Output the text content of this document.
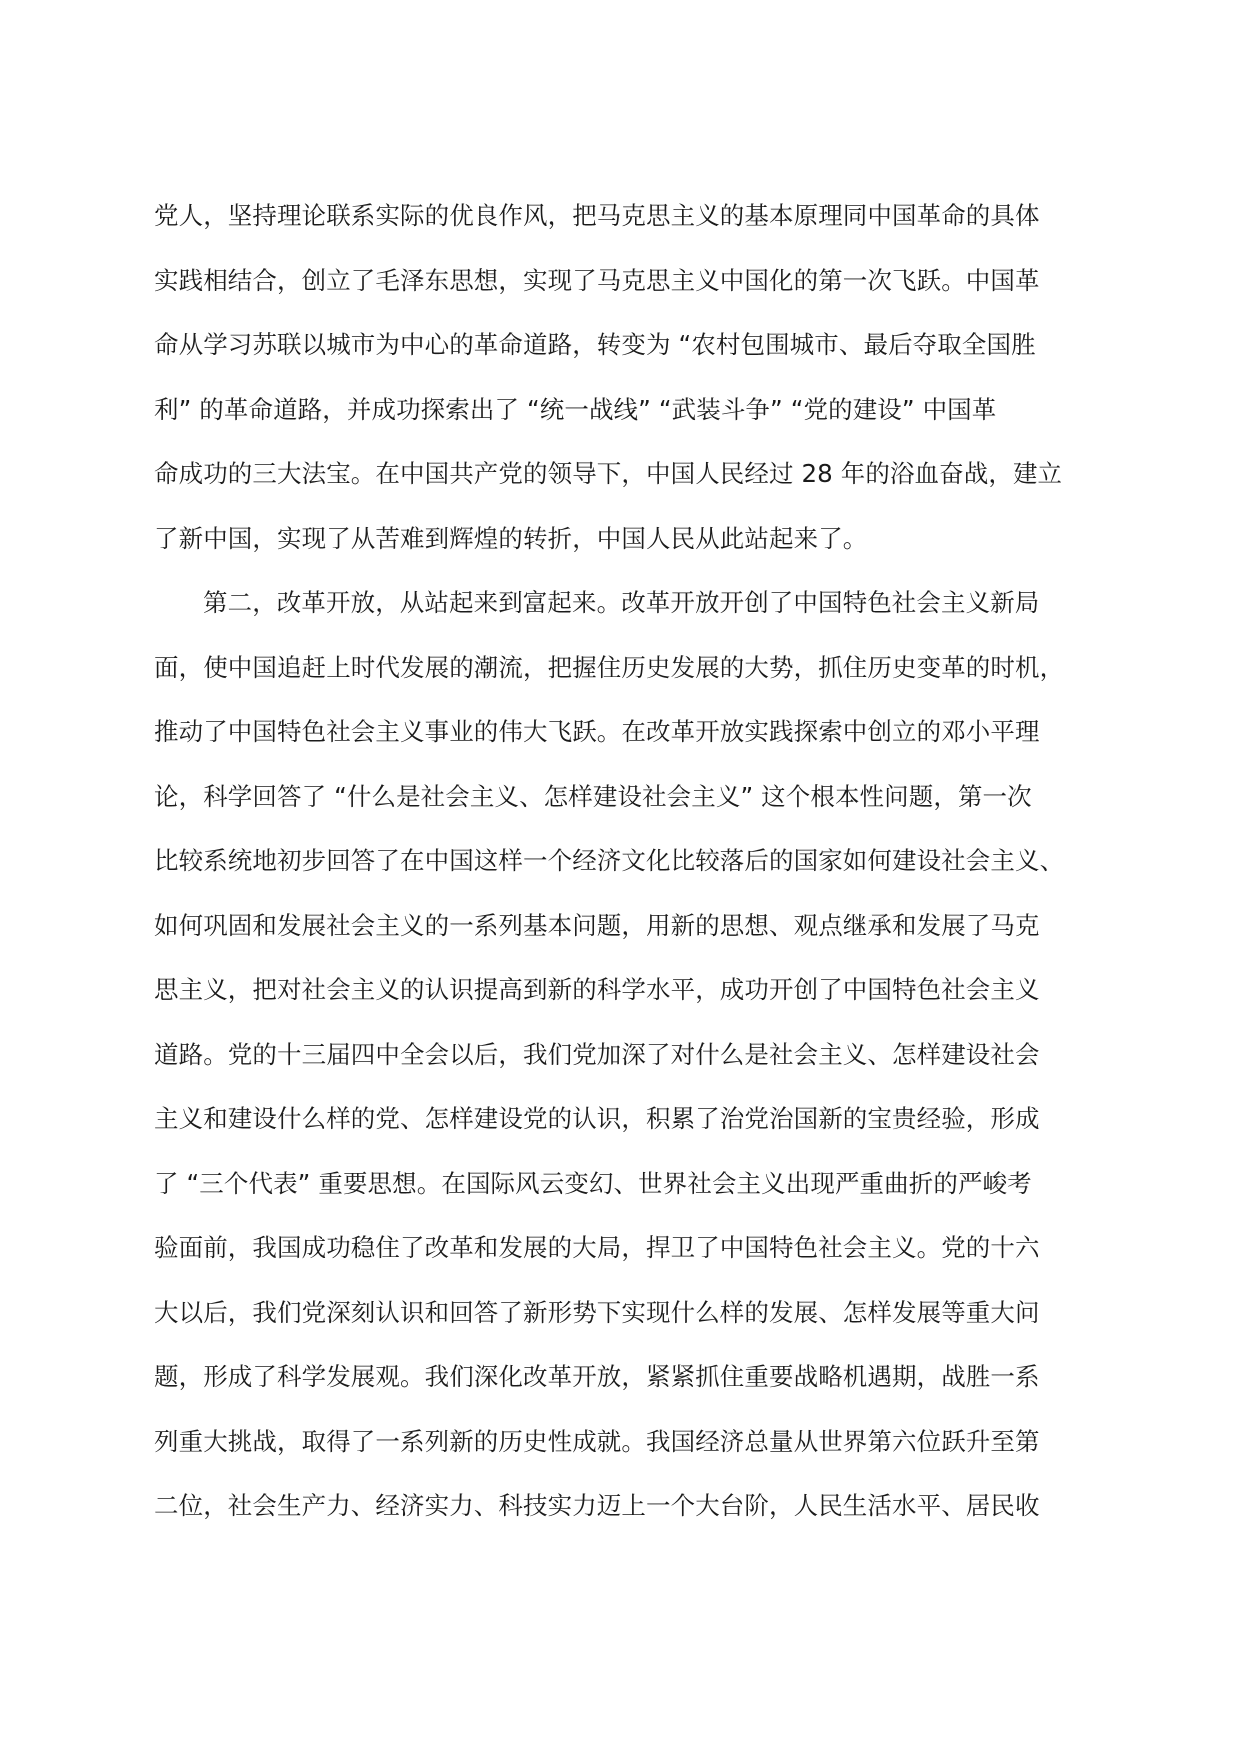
党人，坚持理论联系实际的优良作风，把马克思主义的基本原理同中国革命的具体
实践相结合，创立了毛泽东思想，实现了马克思主义中国化的第一次飞跃。中国革
命从学习苏联以城市为中心的革命道路，转变为 “农村包围城市、最后夺取全国胜
利” 的革命道路，并成功探索出了 “统一战线” “武装斗争” “党的建设” 中国革
命成功的三大法宝。在中国共产党的领导下，中国人民经过 28 年的浴血奋战，建立
了新中国，实现了从苦难到辉煌的转折，中国人民从此站起来了。
第二，改革开放，从站起来到富起来。改革开放开创了中国特色社会主义新局
面，使中国追赶上时代发展的潮流，把握住历史发展的大势，抓住历史变革的时机，
推动了中国特色社会主义事业的伟大飞跃。在改革开放实践探索中创立的邓小平理
论，科学回答了 “什么是社会主义、怎样建设社会主义” 这个根本性问题，第一次
比较系统地初步回答了在中国这样一个经济文化比较落后的国家如何建设社会主义、
如何巩固和发展社会主义的一系列基本问题，用新的思想、观点继承和发展了马克
思主义，把对社会主义的认识提高到新的科学水平，成功开创了中国特色社会主义
道路。党的十三届四中全会以后，我们党加深了对什么是社会主义、怎样建设社会
主义和建设什么样的党、怎样建设党的认识，积累了治党治国新的宝贵经验，形成
了 “三个代表” 重要思想。在国际风云变幻、世界社会主义出现严重曲折的严峻考
验面前，我国成功稳住了改革和发展的大局，捍卫了中国特色社会主义。党的十六
大以后，我们党深刻认识和回答了新形势下实现什么样的发展、怎样发展等重大问
题，形成了科学发展观。我们深化改革开放，紧紧抓住重要战略机遇期，战胜一系
列重大挑战，取得了一系列新的历史性成就。我国经济总量从世界第六位跃升至第
二位，社会生产力、经济实力、科技实力迈上一个大台阶，人民生活水平、居民收
